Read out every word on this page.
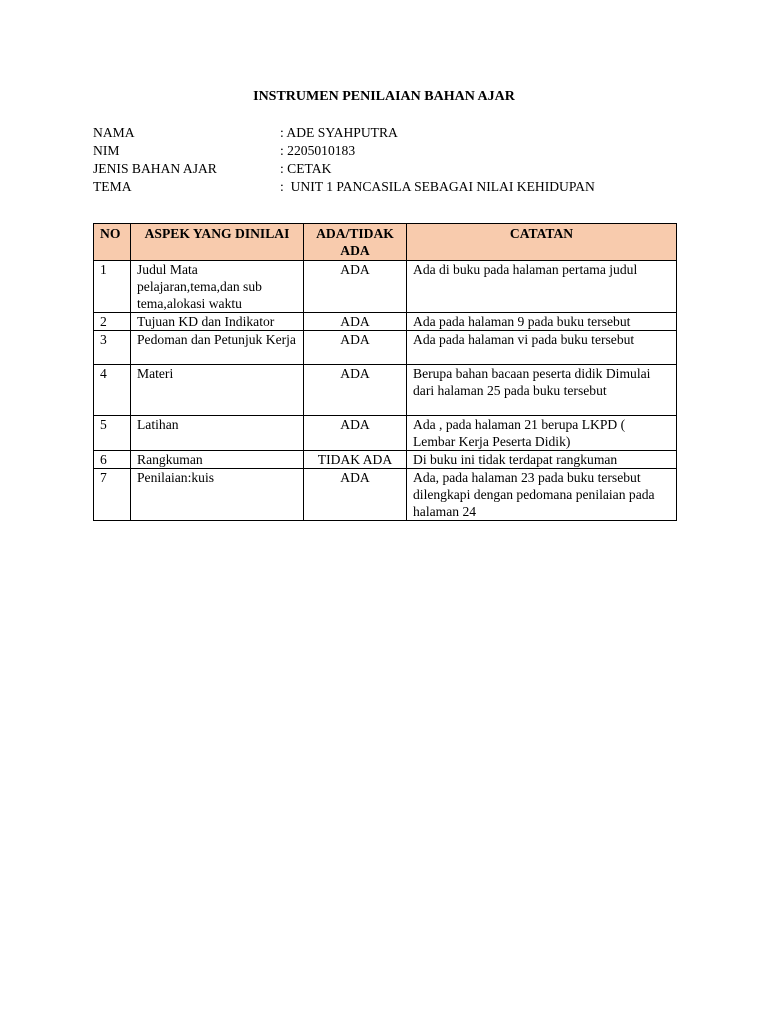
INSTRUMEN PENILAIAN BAHAN AJAR
NAMA	: ADE SYAHPUTRA
NIM	: 2205010183
JENIS BAHAN AJAR	: CETAK
TEMA	:  UNIT 1 PANCASILA SEBAGAI NILAI KEHIDUPAN
NO	ASPEK YANG DINILAI	ADA/TIDAK ADA	CATATAN
1	Judul Mata pelajaran,tema,dan sub tema,alokasi waktu	ADA	Ada di buku pada halaman pertama judul
2	Tujuan KD dan Indikator	ADA	Ada pada halaman 9 pada buku tersebut
3	Pedoman dan Petunjuk Kerja	ADA	Ada pada halaman vi pada buku tersebut
4	Materi	ADA	Berupa bahan bacaan peserta didik Dimulai dari halaman 25 pada buku tersebut
5	Latihan	ADA	Ada , pada halaman 21 berupa LKPD ( Lembar Kerja Peserta Didik)
6	Rangkuman	TIDAK ADA	Di buku ini tidak terdapat rangkuman
7	Penilaian:kuis	ADA	Ada, pada halaman 23 pada buku tersebut dilengkapi dengan pedomana penilaian pada halaman 24
